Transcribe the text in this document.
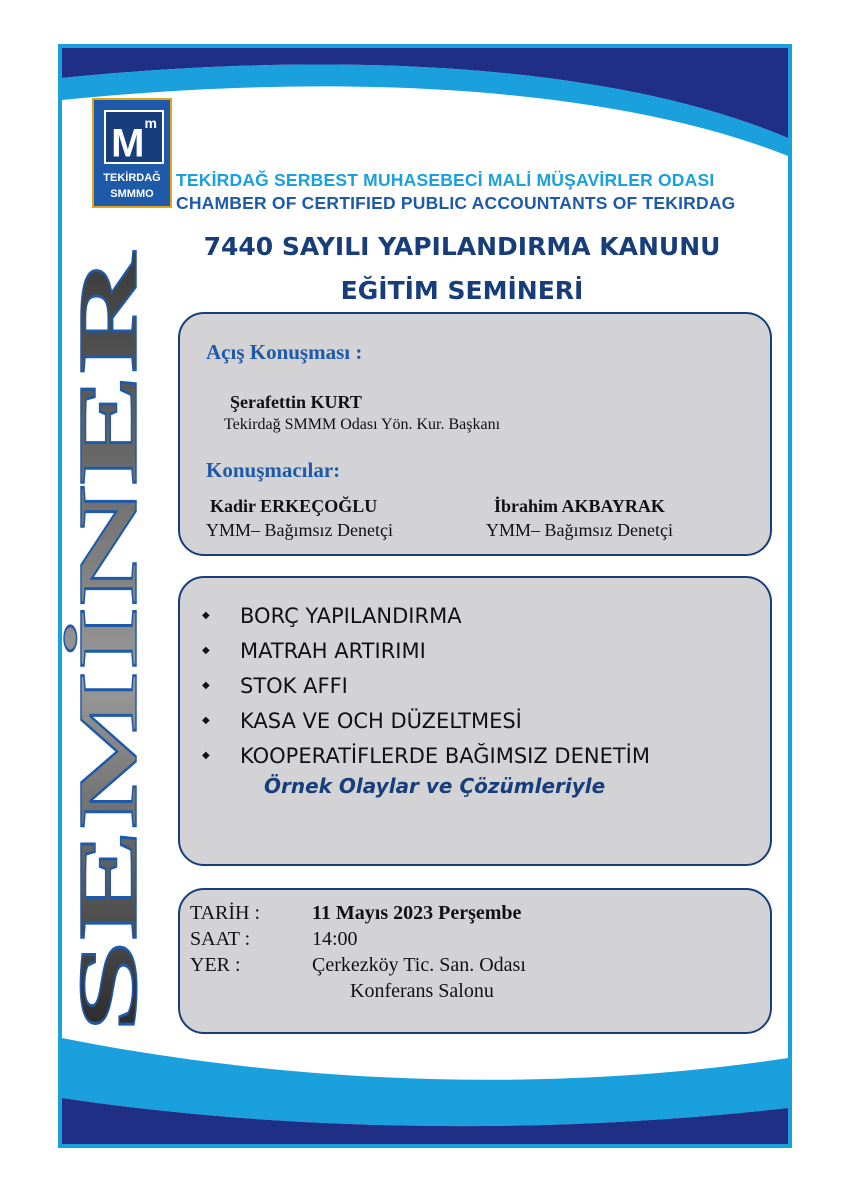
$M^m$
TEKİRDAĞ
SMMMO
TEKİRDAĞ SERBEST MUHASEBECİ MALİ MÜŞAVİRLER ODASI
CHAMBER OF CERTIFIED PUBLIC ACCOUNTANTS OF TEKIRDAG
7440 SAYILI YAPILANDIRMA KANUNU
EĞİTİM SEMİNERİ
SEMİNER
Açış Konuşması :
Şerafettin KURT
Tekirdağ SMMM Odası Yön. Kur. Başkanı
Konuşmacılar:
Kadir ERKEÇOĞLU
YMM– Bağımsız Denetçi
İbrahim AKBAYRAK
YMM– Bağımsız Denetçi
◆	BORÇ YAPILANDIRMA
◆	MATRAH ARTIRIMI
◆	STOK AFFI
◆	KASA VE OCH DÜZELTMESİ
◆	KOOPERATİFLERDE BAĞIMSIZ DENETİM
Örnek Olaylar ve Çözümleriyle
TARİH :	11 Mayıs 2023 Perşembe
SAAT :	14:00
YER :	Çerkezköy Tic. San. Odası
Konferans Salonu
